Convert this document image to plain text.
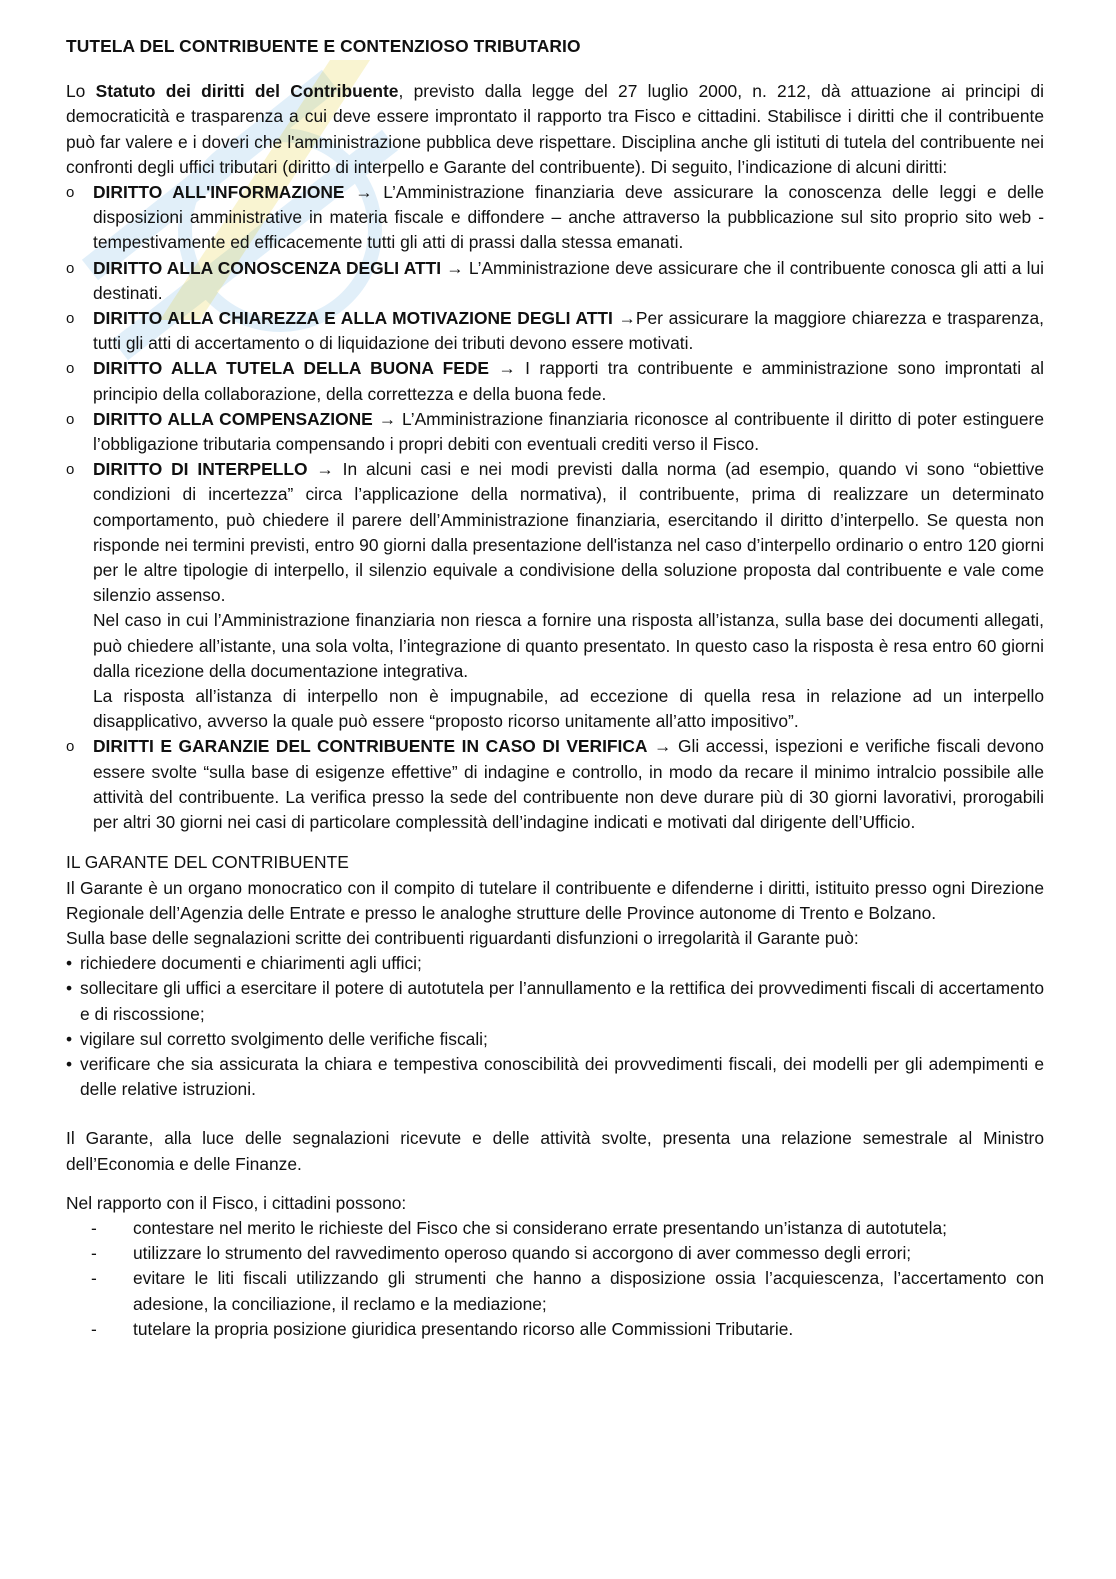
TUTELA DEL CONTRIBUENTE E CONTENZIOSO TRIBUTARIO

Lo Statuto dei diritti del Contribuente, previsto dalla legge del 27 luglio 2000, n. 212, dà attuazione ai principi di democraticità e trasparenza a cui deve essere improntato il rapporto tra Fisco e cittadini. Stabilisce i diritti che il contribuente può far valere e i doveri che l'amministrazione pubblica deve rispettare. Disciplina anche gli istituti di tutela del contribuente nei confronti degli uffici tributari (diritto di interpello e Garante del contribuente). Di seguito, l’indicazione di alcuni diritti:

o DIRITTO ALL'INFORMAZIONE → L’Amministrazione finanziaria deve assicurare la conoscenza delle leggi e delle disposizioni amministrative in materia fiscale e diffondere – anche attraverso la pubblicazione sul sito proprio sito web - tempestivamente ed efficacemente tutti gli atti di prassi dalla stessa emanati.
o DIRITTO ALLA CONOSCENZA DEGLI ATTI → L’Amministrazione deve assicurare che il contribuente conosca gli atti a lui destinati.
o DIRITTO ALLA CHIAREZZA E ALLA MOTIVAZIONE DEGLI ATTI →Per assicurare la maggiore chiarezza e trasparenza, tutti gli atti di accertamento o di liquidazione dei tributi devono essere motivati.
o DIRITTO ALLA TUTELA DELLA BUONA FEDE → I rapporti tra contribuente e amministrazione sono improntati al principio della collaborazione, della correttezza e della buona fede.
o DIRITTO ALLA COMPENSAZIONE → L’Amministrazione finanziaria riconosce al contribuente il diritto di poter estinguere l’obbligazione tributaria compensando i propri debiti con eventuali crediti verso il Fisco.
o DIRITTO DI INTERPELLO → In alcuni casi e nei modi previsti dalla norma (ad esempio, quando vi sono “obiettive condizioni di incertezza” circa l’applicazione della normativa), il contribuente, prima di realizzare un determinato comportamento, può chiedere il parere dell’Amministrazione finanziaria, esercitando il diritto d’interpello. Se questa non risponde nei termini previsti, entro 90 giorni dalla presentazione dell'istanza nel caso d’interpello ordinario o entro 120 giorni per le altre tipologie di interpello, il silenzio equivale a condivisione della soluzione proposta dal contribuente e vale come silenzio assenso.
Nel caso in cui l’Amministrazione finanziaria non riesca a fornire una risposta all’istanza, sulla base dei documenti allegati, può chiedere all’istante, una sola volta, l’integrazione di quanto presentato. In questo caso la risposta è resa entro 60 giorni dalla ricezione della documentazione integrativa.
La risposta all’istanza di interpello non è impugnabile, ad eccezione di quella resa in relazione ad un interpello disapplicativo, avverso la quale può essere “proposto ricorso unitamente all’atto impositivo”.
o DIRITTI E GARANZIE DEL CONTRIBUENTE IN CASO DI VERIFICA → Gli accessi, ispezioni e verifiche fiscali devono essere svolte “sulla base di esigenze effettive” di indagine e controllo, in modo da recare il minimo intralcio possibile alle attività del contribuente. La verifica presso la sede del contribuente non deve durare più di 30 giorni lavorativi, prorogabili per altri 30 giorni nei casi di particolare complessità dell’indagine indicati e motivati dal dirigente dell’Ufficio.
IL GARANTE DEL CONTRIBUENTE

Il Garante è un organo monocratico con il compito di tutelare il contribuente e difenderne i diritti, istituito presso ogni Direzione Regionale dell’Agenzia delle Entrate e presso le analoghe strutture delle Province autonome di Trento e Bolzano.

Sulla base delle segnalazioni scritte dei contribuenti riguardanti disfunzioni o irregolarità il Garante può:

• richiedere documenti e chiarimenti agli uffici;
• sollecitare gli uffici a esercitare il potere di autotutela per l’annullamento e la rettifica dei provvedimenti fiscali di accertamento e di riscossione;
• vigilare sul corretto svolgimento delle verifiche fiscali;
• verificare che sia assicurata la chiara e tempestiva conoscibilità dei provvedimenti fiscali, dei modelli per gli adempimenti e delle relative istruzioni.

Il Garante, alla luce delle segnalazioni ricevute e delle attività svolte, presenta una relazione semestrale al Ministro dell’Economia e delle Finanze.

Nel rapporto con il Fisco, i cittadini possono:

- contestare nel merito le richieste del Fisco che si considerano errate presentando un’istanza di autotutela;
- utilizzare lo strumento del ravvedimento operoso quando si accorgono di aver commesso degli errori;
- evitare le liti fiscali utilizzando gli strumenti che hanno a disposizione ossia l’acquiescenza, l’accertamento con adesione, la conciliazione, il reclamo e la mediazione;
- tutelare la propria posizione giuridica presentando ricorso alle Commissioni Tributarie.
